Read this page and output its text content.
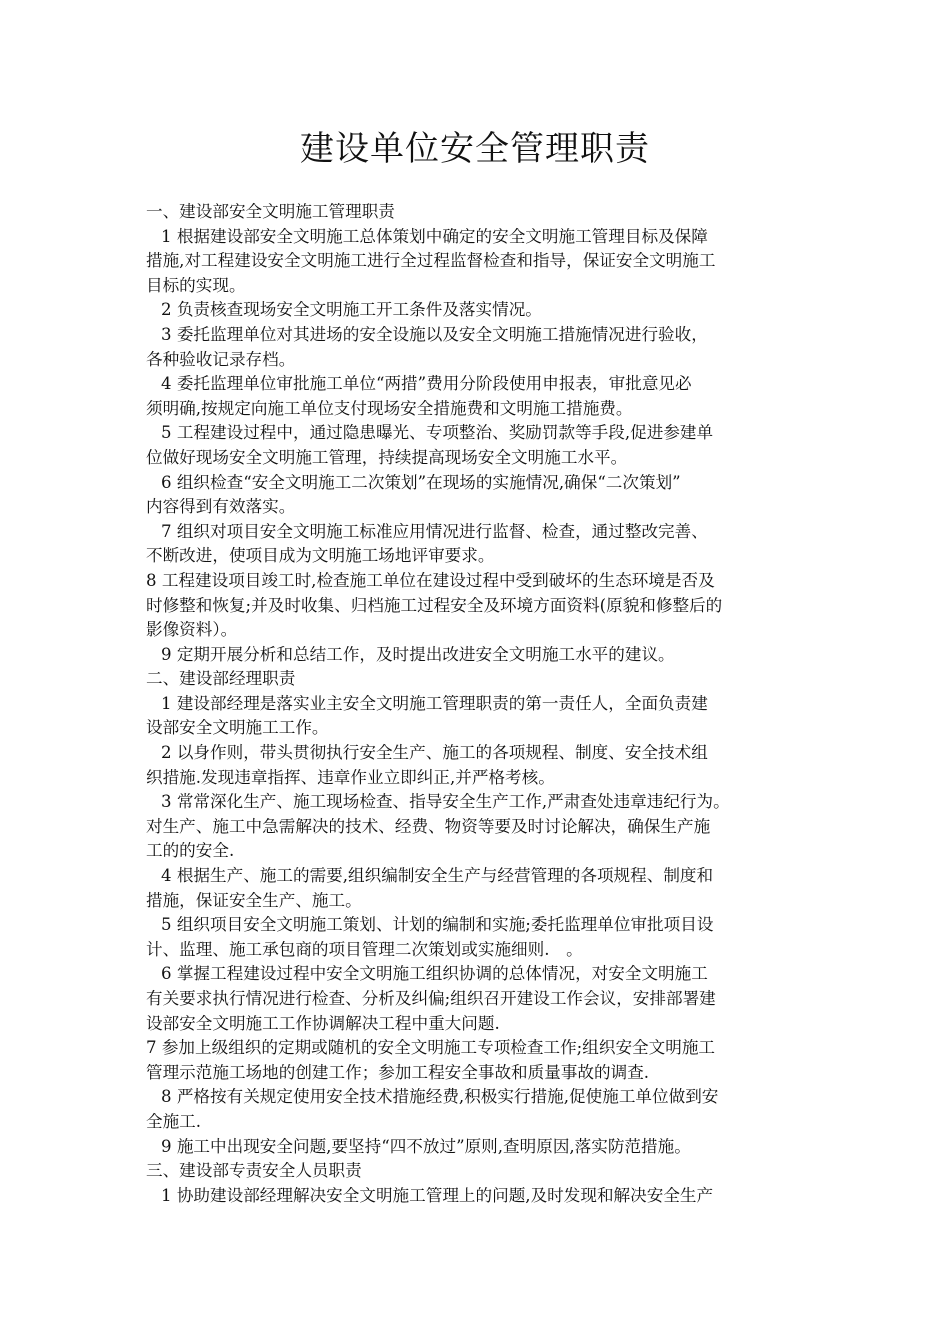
建设单位安全管理职责
一、建设部安全文明施工管理职责
1 根据建设部安全文明施工总体策划中确定的安全文明施工管理目标及保障
措施,对工程建设安全文明施工进行全过程监督检查和指导，保证安全文明施工
目标的实现。
2 负责核查现场安全文明施工开工条件及落实情况。
3 委托监理单位对其进场的安全设施以及安全文明施工措施情况进行验收，
各种验收记录存档。
4 委托监理单位审批施工单位“两措”费用分阶段使用申报表，审批意见必
须明确,按规定向施工单位支付现场安全措施费和文明施工措施费。
5 工程建设过程中，通过隐患曝光、专项整治、奖励罚款等手段,促进参建单
位做好现场安全文明施工管理，持续提高现场安全文明施工水平。
6 组织检查“安全文明施工二次策划”在现场的实施情况,确保“二次策划”
内容得到有效落实。
7 组织对项目安全文明施工标准应用情况进行监督、检查，通过整改完善、
不断改进，使项目成为文明施工场地评审要求。
8 工程建设项目竣工时,检查施工单位在建设过程中受到破坏的生态环境是否及
时修整和恢复;并及时收集、归档施工过程安全及环境方面资料(原貌和修整后的
影像资料）。
9 定期开展分析和总结工作，及时提出改进安全文明施工水平的建议。
二、建设部经理职责
1 建设部经理是落实业主安全文明施工管理职责的第一责任人，全面负责建
设部安全文明施工工作。
2 以身作则，带头贯彻执行安全生产、施工的各项规程、制度、安全技术组
织措施.发现违章指挥、违章作业立即纠正,并严格考核。
3 常常深化生产、施工现场检查、指导安全生产工作,严肃查处违章违纪行为。
对生产、施工中急需解决的技术、经费、物资等要及时讨论解决，确保生产施
工的的安全.
4 根据生产、施工的需要,组织编制安全生产与经营管理的各项规程、制度和
措施，保证安全生产、施工。
5 组织项目安全文明施工策划、计划的编制和实施;委托监理单位审批项目设
计、监理、施工承包商的项目管理二次策划或实施细则.　。
6 掌握工程建设过程中安全文明施工组织协调的总体情况，对安全文明施工
有关要求执行情况进行检查、分析及纠偏;组织召开建设工作会议，安排部署建
设部安全文明施工工作协调解决工程中重大问题.
7 参加上级组织的定期或随机的安全文明施工专项检查工作;组织安全文明施工
管理示范施工场地的创建工作；参加工程安全事故和质量事故的调查.
8 严格按有关规定使用安全技术措施经费,积极实行措施,促使施工单位做到安
全施工.
9 施工中出现安全问题,要坚持“四不放过”原则,查明原因,落实防范措施。
三、建设部专责安全人员职责
1 协助建设部经理解决安全文明施工管理上的问题,及时发现和解决安全生产
